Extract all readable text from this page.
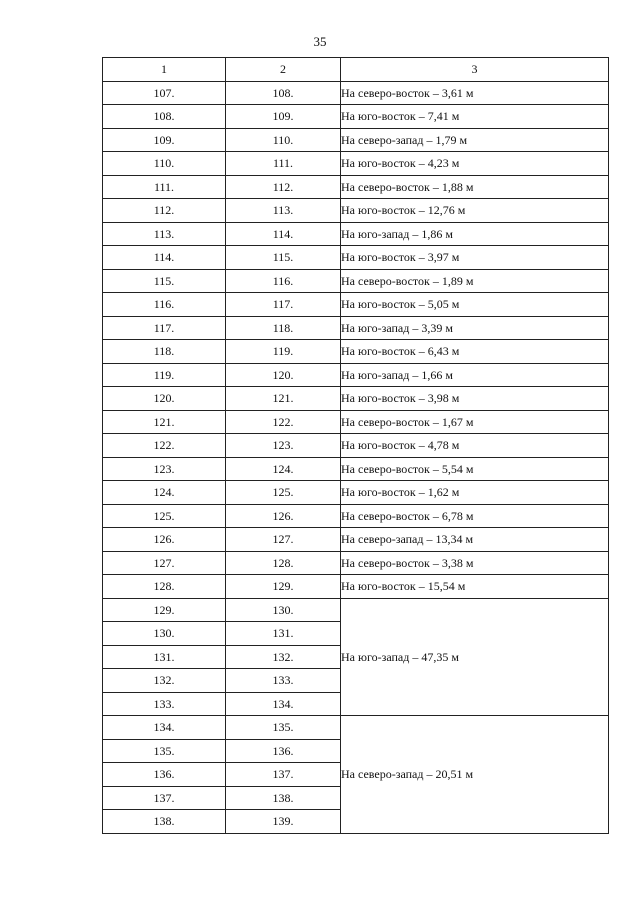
35
1	2	3
107.	108.	На северо-восток – 3,61 м
108.	109.	На юго-восток – 7,41 м
109.	110.	На северо-запад – 1,79 м
110.	111.	На юго-восток – 4,23 м
111.	112.	На северо-восток – 1,88 м
112.	113.	На юго-восток – 12,76 м
113.	114.	На юго-запад – 1,86 м
114.	115.	На юго-восток – 3,97 м
115.	116.	На северо-восток – 1,89 м
116.	117.	На юго-восток – 5,05 м
117.	118.	На юго-запад – 3,39 м
118.	119.	На юго-восток – 6,43 м
119.	120.	На юго-запад – 1,66 м
120.	121.	На юго-восток – 3,98 м
121.	122.	На северо-восток – 1,67 м
122.	123.	На юго-восток – 4,78 м
123.	124.	На северо-восток – 5,54 м
124.	125.	На юго-восток – 1,62 м
125.	126.	На северо-восток – 6,78 м
126.	127.	На северо-запад – 13,34 м
127.	128.	На северо-восток – 3,38 м
128.	129.	На юго-восток – 15,54 м
129.	130.	На юго-запад – 47,35 м
130.	131.	
131.	132.	
132.	133.	
133.	134.	
134.	135.	На северо-запад – 20,51 м
135.	136.	
136.	137.	
137.	138.	
138.	139.	
